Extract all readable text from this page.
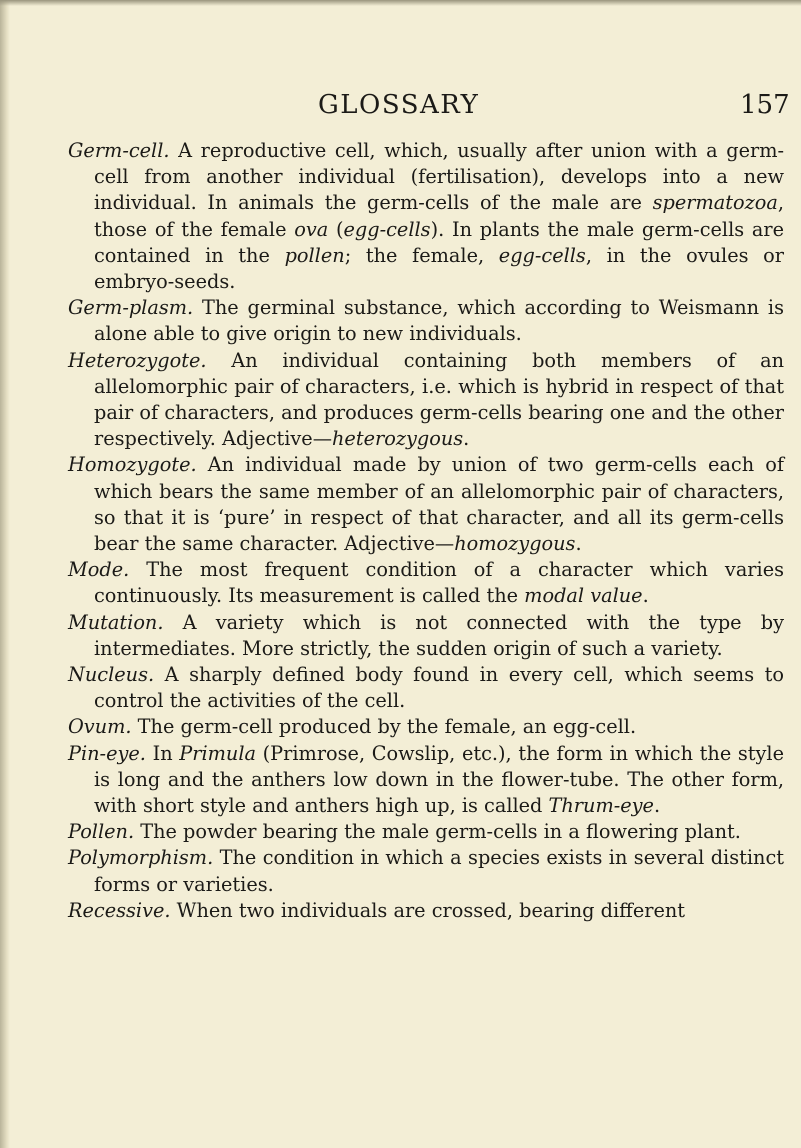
GLOSSARY	157

Germ-cell. A reproductive cell, which, usually after union with a germ-cell from another individual (fertilisation), develops into a new individual. In animals the germ-cells of the male are spermatozoa, those of the female ova (egg-cells). In plants the male germ-cells are contained in the pollen; the female, egg-cells, in the ovules or embryo-seeds.

Germ-plasm. The germinal substance, which according to Weismann is alone able to give origin to new individuals.

Heterozygote. An individual containing both members of an allelomorphic pair of characters, i.e. which is hybrid in respect of that pair of characters, and produces germ-cells bearing one and the other respectively. Adjective—heterozygous.

Homozygote. An individual made by union of two germ-cells each of which bears the same member of an allelomorphic pair of characters, so that it is ‘pure’ in respect of that character, and all its germ-cells bear the same character. Adjective—homozygous.

Mode. The most frequent condition of a character which varies continuously. Its measurement is called the modal value.

Mutation. A variety which is not connected with the type by intermediates. More strictly, the sudden origin of such a variety.

Nucleus. A sharply defined body found in every cell, which seems to control the activities of the cell.

Ovum. The germ-cell produced by the female, an egg-cell.

Pin-eye. In Primula (Primrose, Cowslip, etc.), the form in which the style is long and the anthers low down in the flower-tube. The other form, with short style and anthers high up, is called Thrum-eye.

Pollen. The powder bearing the male germ-cells in a flowering plant.

Polymorphism. The condition in which a species exists in several distinct forms or varieties.

Recessive. When two individuals are crossed, bearing different
